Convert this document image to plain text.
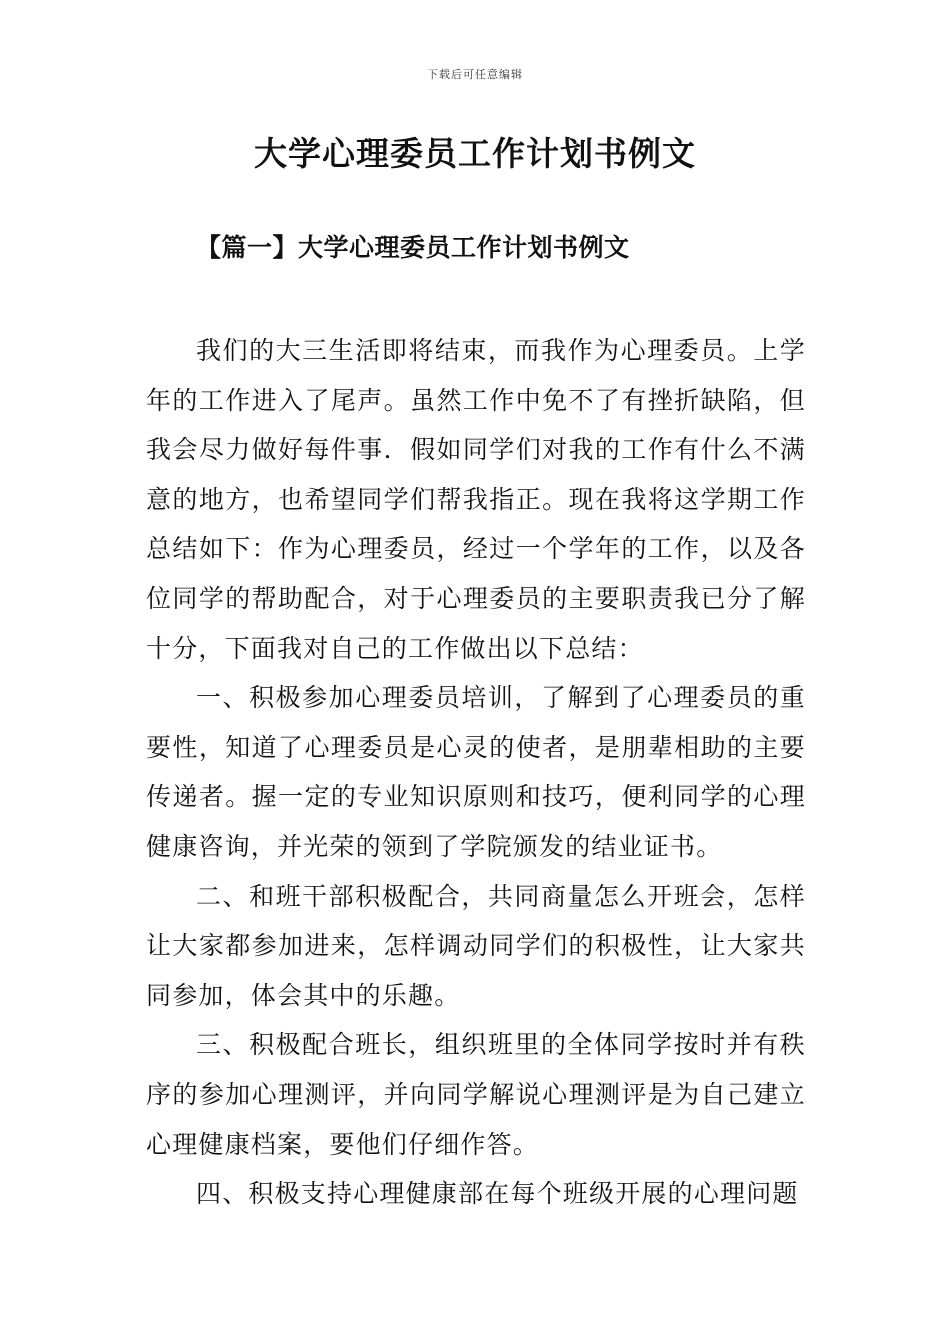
下载后可任意编辑
大学心理委员工作计划书例文
【篇一】大学心理委员工作计划书例文

我们的大三生活即将结束，而我作为心理委员。上学年的工作进入了尾声。虽然工作中免不了有挫折缺陷，但我会尽力做好每件事．假如同学们对我的工作有什么不满意的地方，也希望同学们帮我指正。现在我将这学期工作总结如下：作为心理委员，经过一个学年的工作，以及各位同学的帮助配合，对于心理委员的主要职责我已分了解十分，下面我对自己的工作做出以下总结：

一、积极参加心理委员培训，了解到了心理委员的重要性，知道了心理委员是心灵的使者，是朋辈相助的主要传递者。握一定的专业知识原则和技巧，便利同学的心理健康咨询，并光荣的领到了学院颁发的结业证书。

二、和班干部积极配合，共同商量怎么开班会，怎样让大家都参加进来，怎样调动同学们的积极性，让大家共同参加，体会其中的乐趣。

三、积极配合班长，组织班里的全体同学按时并有秩序的参加心理测评，并向同学解说心理测评是为自己建立心理健康档案，要他们仔细作答。

四、积极支持心理健康部在每个班级开展的心理问题
